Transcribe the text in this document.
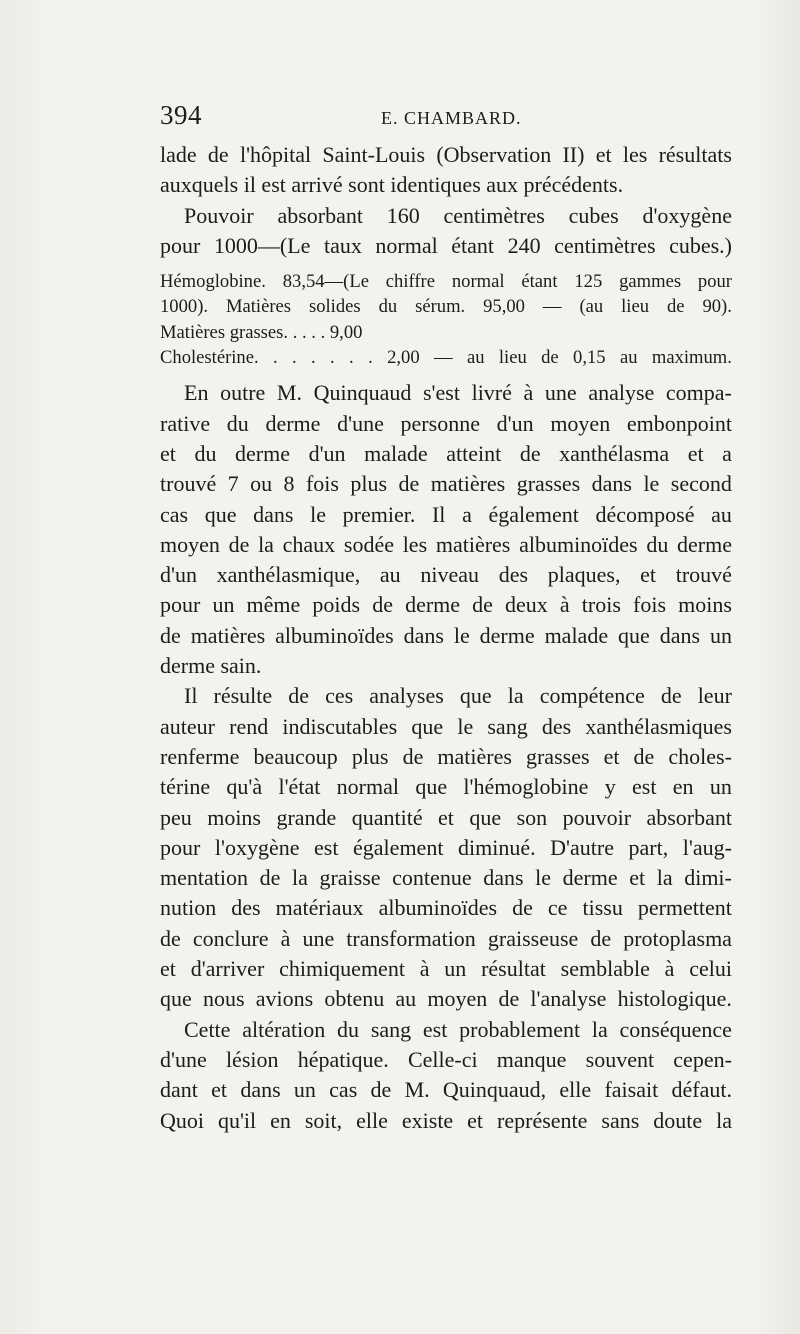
394	E. CHAMBARD.
lade de l'hôpital Saint-Louis (Observation II) et les résultats
auxquels il est arrivé sont identiques aux précédents.
Pouvoir absorbant 160 centimètres cubes d'oxygène
pour 1000—(Le taux normal étant 240 centimètres cubes.)
Hémoglobine. 83,54—(Le chiffre normal étant 125 gammes pour
1000). Matières solides du sérum. 95,00 — (au lieu de 90).
Matières grasses. . . . . 9,00
Cholestérine. . . . . . . 2,00 — au lieu de 0,15 au maximum.
En outre M. Quinquaud s'est livré à une analyse compa-
rative du derme d'une personne d'un moyen embonpoint
et du derme d'un malade atteint de xanthélasma et a
trouvé 7 ou 8 fois plus de matières grasses dans le second
cas que dans le premier. Il a également décomposé au
moyen de la chaux sodée les matières albuminoïdes du derme
d'un xanthélasmique, au niveau des plaques, et trouvé
pour un même poids de derme de deux à trois fois moins
de matières albuminoïdes dans le derme malade que dans un
derme sain.
Il résulte de ces analyses que la compétence de leur
auteur rend indiscutables que le sang des xanthélasmiques
renferme beaucoup plus de matières grasses et de choles-
térine qu'à l'état normal que l'hémoglobine y est en un
peu moins grande quantité et que son pouvoir absorbant
pour l'oxygène est également diminué. D'autre part, l'aug-
mentation de la graisse contenue dans le derme et la dimi-
nution des matériaux albuminoïdes de ce tissu permettent
de conclure à une transformation graisseuse de protoplasma
et d'arriver chimiquement à un résultat semblable à celui
que nous avions obtenu au moyen de l'analyse histologique.
Cette altération du sang est probablement la conséquence
d'une lésion hépatique. Celle-ci manque souvent cepen-
dant et dans un cas de M. Quinquaud, elle faisait défaut.
Quoi qu'il en soit, elle existe et représente sans doute la
